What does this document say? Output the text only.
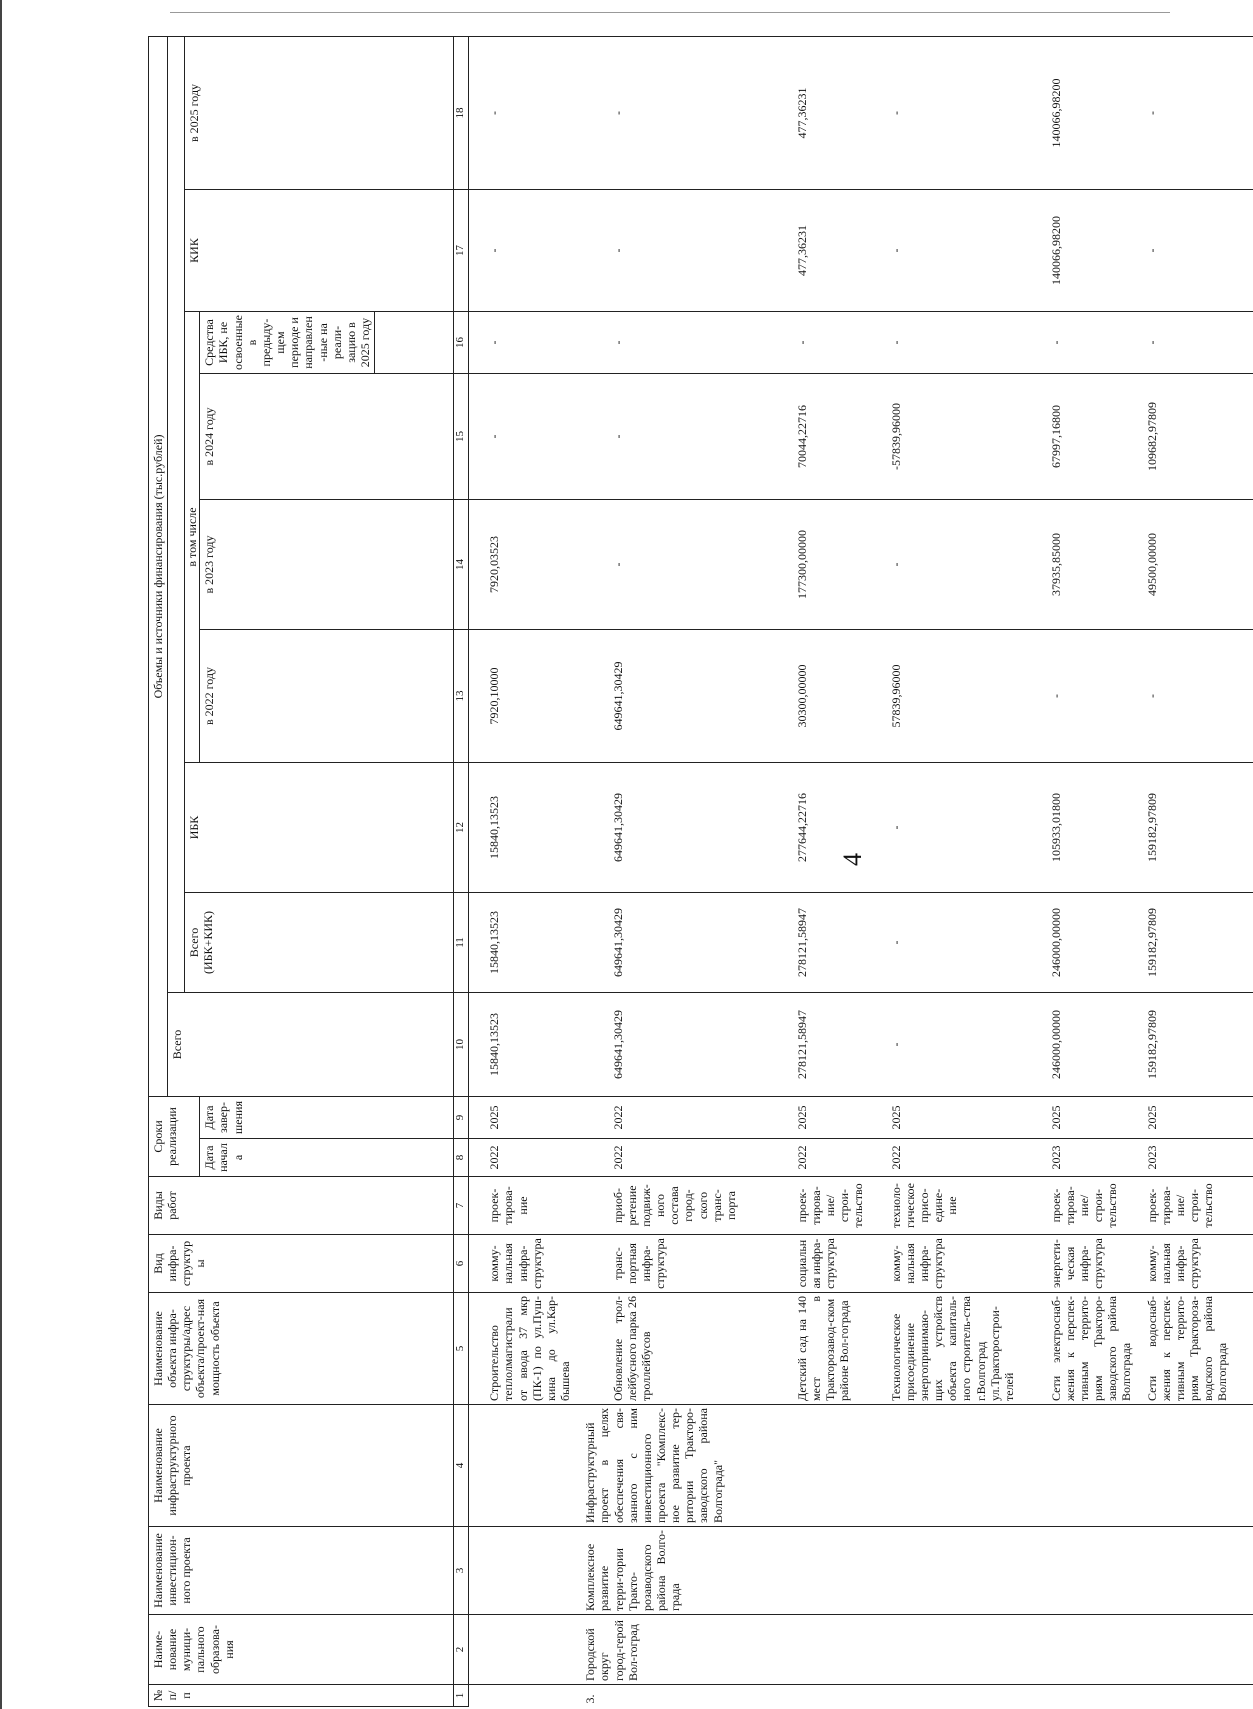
4
№ п/п	Наиме-нование муници-пального образова-ния	Наименование инвестицион-ного проекта	Наименование инфраструктурного проекта	Наименование объекта инфра-структуры/адрес объекта/проект-ная мощность объекта	Вид инфра-структуры	Виды работ	Сроки реализации		Объемы и источники финансирования (тыс.рублей)								
									Всего								
										Всего (ИБК+КИК)	ИБК	в том числе				КИК	в 2025 году
							Дата начала	Дата завер-шения				в 2022 году	в 2023 году	в 2024 году	Средства ИБК, не освоенные в предыду-щем периоде и направлен-ные на реали-зацию в 2025 году		

1	2	3	4	5	6	7	8	9	10	11	12	13	14	15	16	17	18
3.	Городской округ город-герой Вол-гоград	Комплексное развитие терри-тории Тракто-розаводского района Волго-града	Инфраструктурный проект в целях обеспечения свя-занного с ним инвестиционного проекта "Комплекс-ное развитие тер-ритории Тракторо-заводского района Волгограда"	Строительство теплолмагистрали от ввода 37 мкр (ПК-1) по ул.Пуш-кина до ул.Кар-бышева	комму-нальная инфра-структура	проек-тирова-ние	2022	2025	15840,13523	15840,13523	15840,13523	7920,10000	7920,03523	-	-	-	-
				Обновление трол-лейбусного парка 26 троллейбусов	транс-портная инфра-структура	приоб-ретение подвиж-ного состава город-ского транс-порта	2022	2022	649641,30429	649641,30429	649641,30429	649641,30429	-	-	-	-	-
				Детский сад на 140 мест в Тракторозавод-ском районе Вол-гограда	социальная инфра-структура	проек-тирова-ние/ строи-тельство	2022	2025	278121,58947	278121,58947	277644,22716	30300,00000	177300,00000	70044,22716	-	477,36231	477,36231
				Технологическое присоединение энергопринимаю-щих устройств объекта капиталь-ного строитель-ства г.Волгоград ул.Тракторострои-телей	комму-нальная инфра-структура	техноло-гическое присо-едине-ние	2022	2025	-	-	-	57839,96000	-	-57839,96000	-	-	-
				Сети электроснаб-жения к перспек-тивным террито-риям Тракторо-заводского района Волгограда	энергети-ческая инфра-структура	проек-тирова-ние/ строи-тельство	2023	2025	246000,00000	246000,00000	105933,01800	-	37935,85000	67997,16800	-	140066,98200	140066,98200
				Сети водоснаб-жения к перспек-тивным террито-риям Тракторoза-водского района Волгограда	комму-нальная инфра-структура	проек-тирова-ние/ строи-тельство	2023	2025	159182,97809	159182,97809	159182,97809	-	49500,00000	109682,97809	-	-	-
